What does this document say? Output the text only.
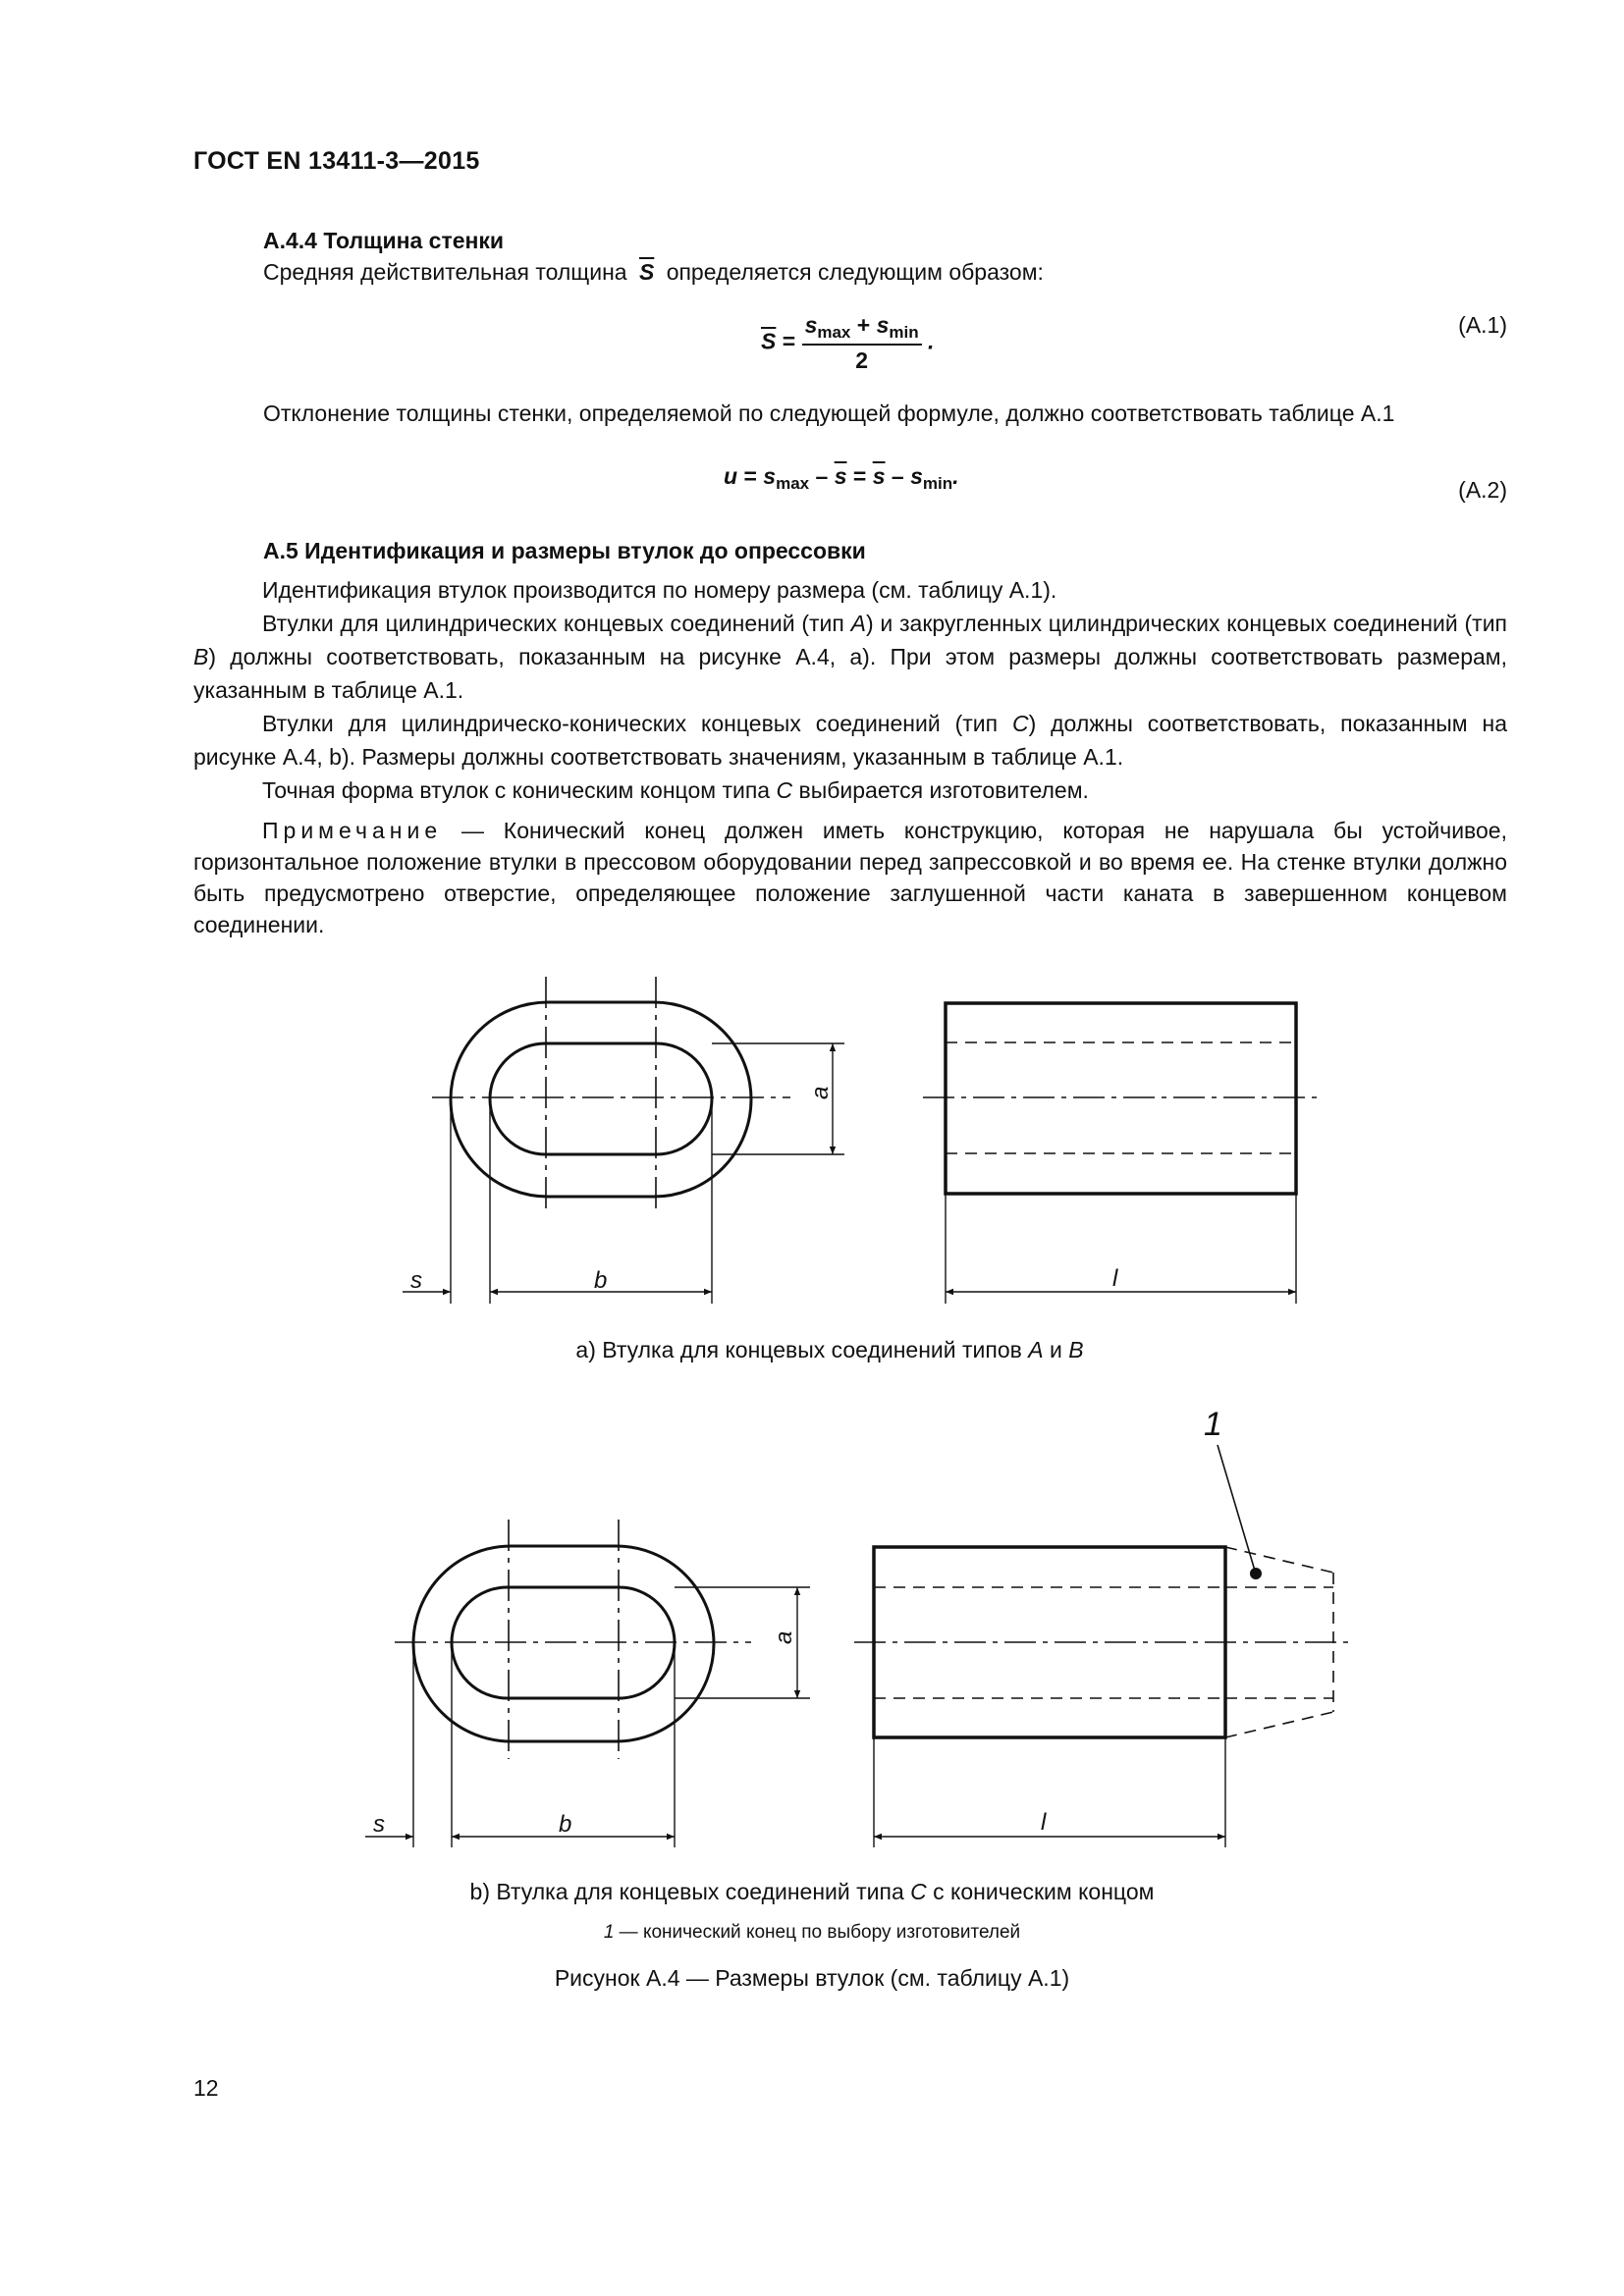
ГОСТ EN 13411-3—2015
А.4.4 Толщина стенки
Средняя действительная толщина $\overline{S}$ определяется следующим образом:
$\overline{S} = \frac{s_{max} + s_{min}}{2}$ .
(А.1)
Отклонение толщины стенки, определяемой по следующей формуле, должно соответствовать таблице А.1
$u = s_{max} - \overline{s} = \overline{s} - s_{min}$.
(А.2)
А.5 Идентификация и размеры втулок до опрессовки
Идентификация втулок производится по номеру размера (см. таблицу А.1).
Втулки для цилиндрических концевых соединений (тип A) и закругленных цилиндрических концевых соединений (тип B) должны соответствовать, показанным на рисунке А.4, а). При этом размеры должны соответствовать размерам, указанным в таблице А.1.
Втулки для цилиндрическо-конических концевых соединений (тип C) должны соответствовать, показанным на рисунке А.4, b). Размеры должны соответствовать значениям, указанным в таблице А.1.
Точная форма втулок с коническим концом типа C выбирается изготовителем.
Примечание — Конический конец должен иметь конструкцию, которая не нарушала бы устойчивое, горизонтальное положение втулки в прессовом оборудовании перед запрессовкой и во время ее. На стенке втулки должно быть предусмотрено отверстие, определяющее положение заглушенной части каната в завершенном концевом соединении.
s	b	l
a
s	b	l
a
1
а) Втулка для концевых соединений типов A и B
b) Втулка для концевых соединений типа C с коническим концом
1 — конический конец по выбору изготовителей
Рисунок А.4 — Размеры втулок (см. таблицу А.1)
12
